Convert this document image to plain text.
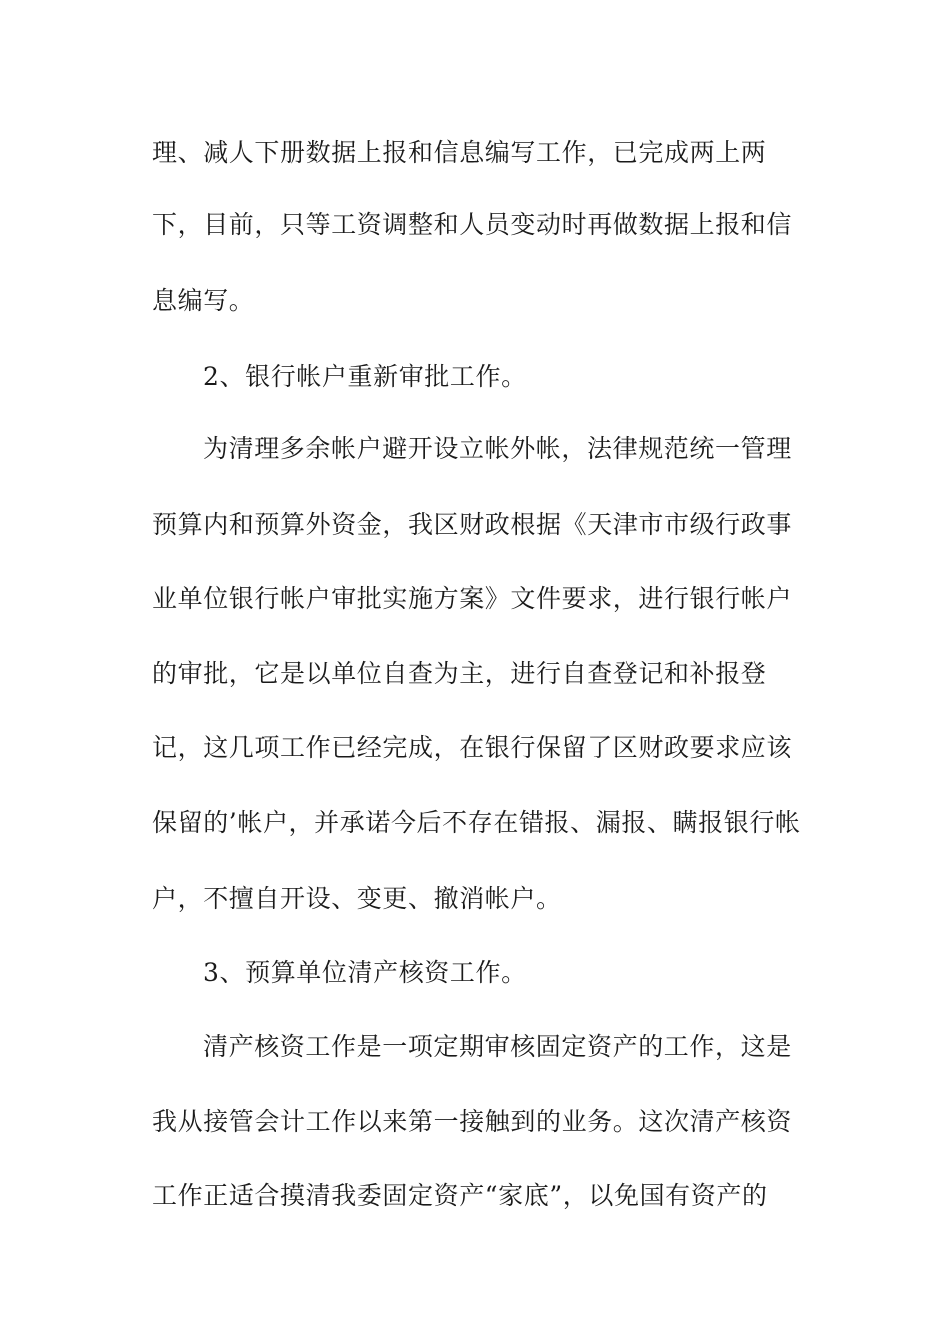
理、减人下册数据上报和信息编写工作，已完成两上两
下，目前，只等工资调整和人员变动时再做数据上报和信
息编写。
2、银行帐户重新审批工作。
为清理多余帐户避开设立帐外帐，法律规范统一管理
预算内和预算外资金，我区财政根据《天津市市级行政事
业单位银行帐户审批实施方案》文件要求，进行银行帐户
的审批，它是以单位自查为主，进行自查登记和补报登
记，这几项工作已经完成，在银行保留了区财政要求应该
保留的’帐户，并承诺今后不存在错报、漏报、瞒报银行帐
户，不擅自开设、变更、撤消帐户。
3、预算单位清产核资工作。
清产核资工作是一项定期审核固定资产的工作，这是
我从接管会计工作以来第一接触到的业务。这次清产核资
工作正适合摸清我委固定资产“家底”，以免国有资产的
